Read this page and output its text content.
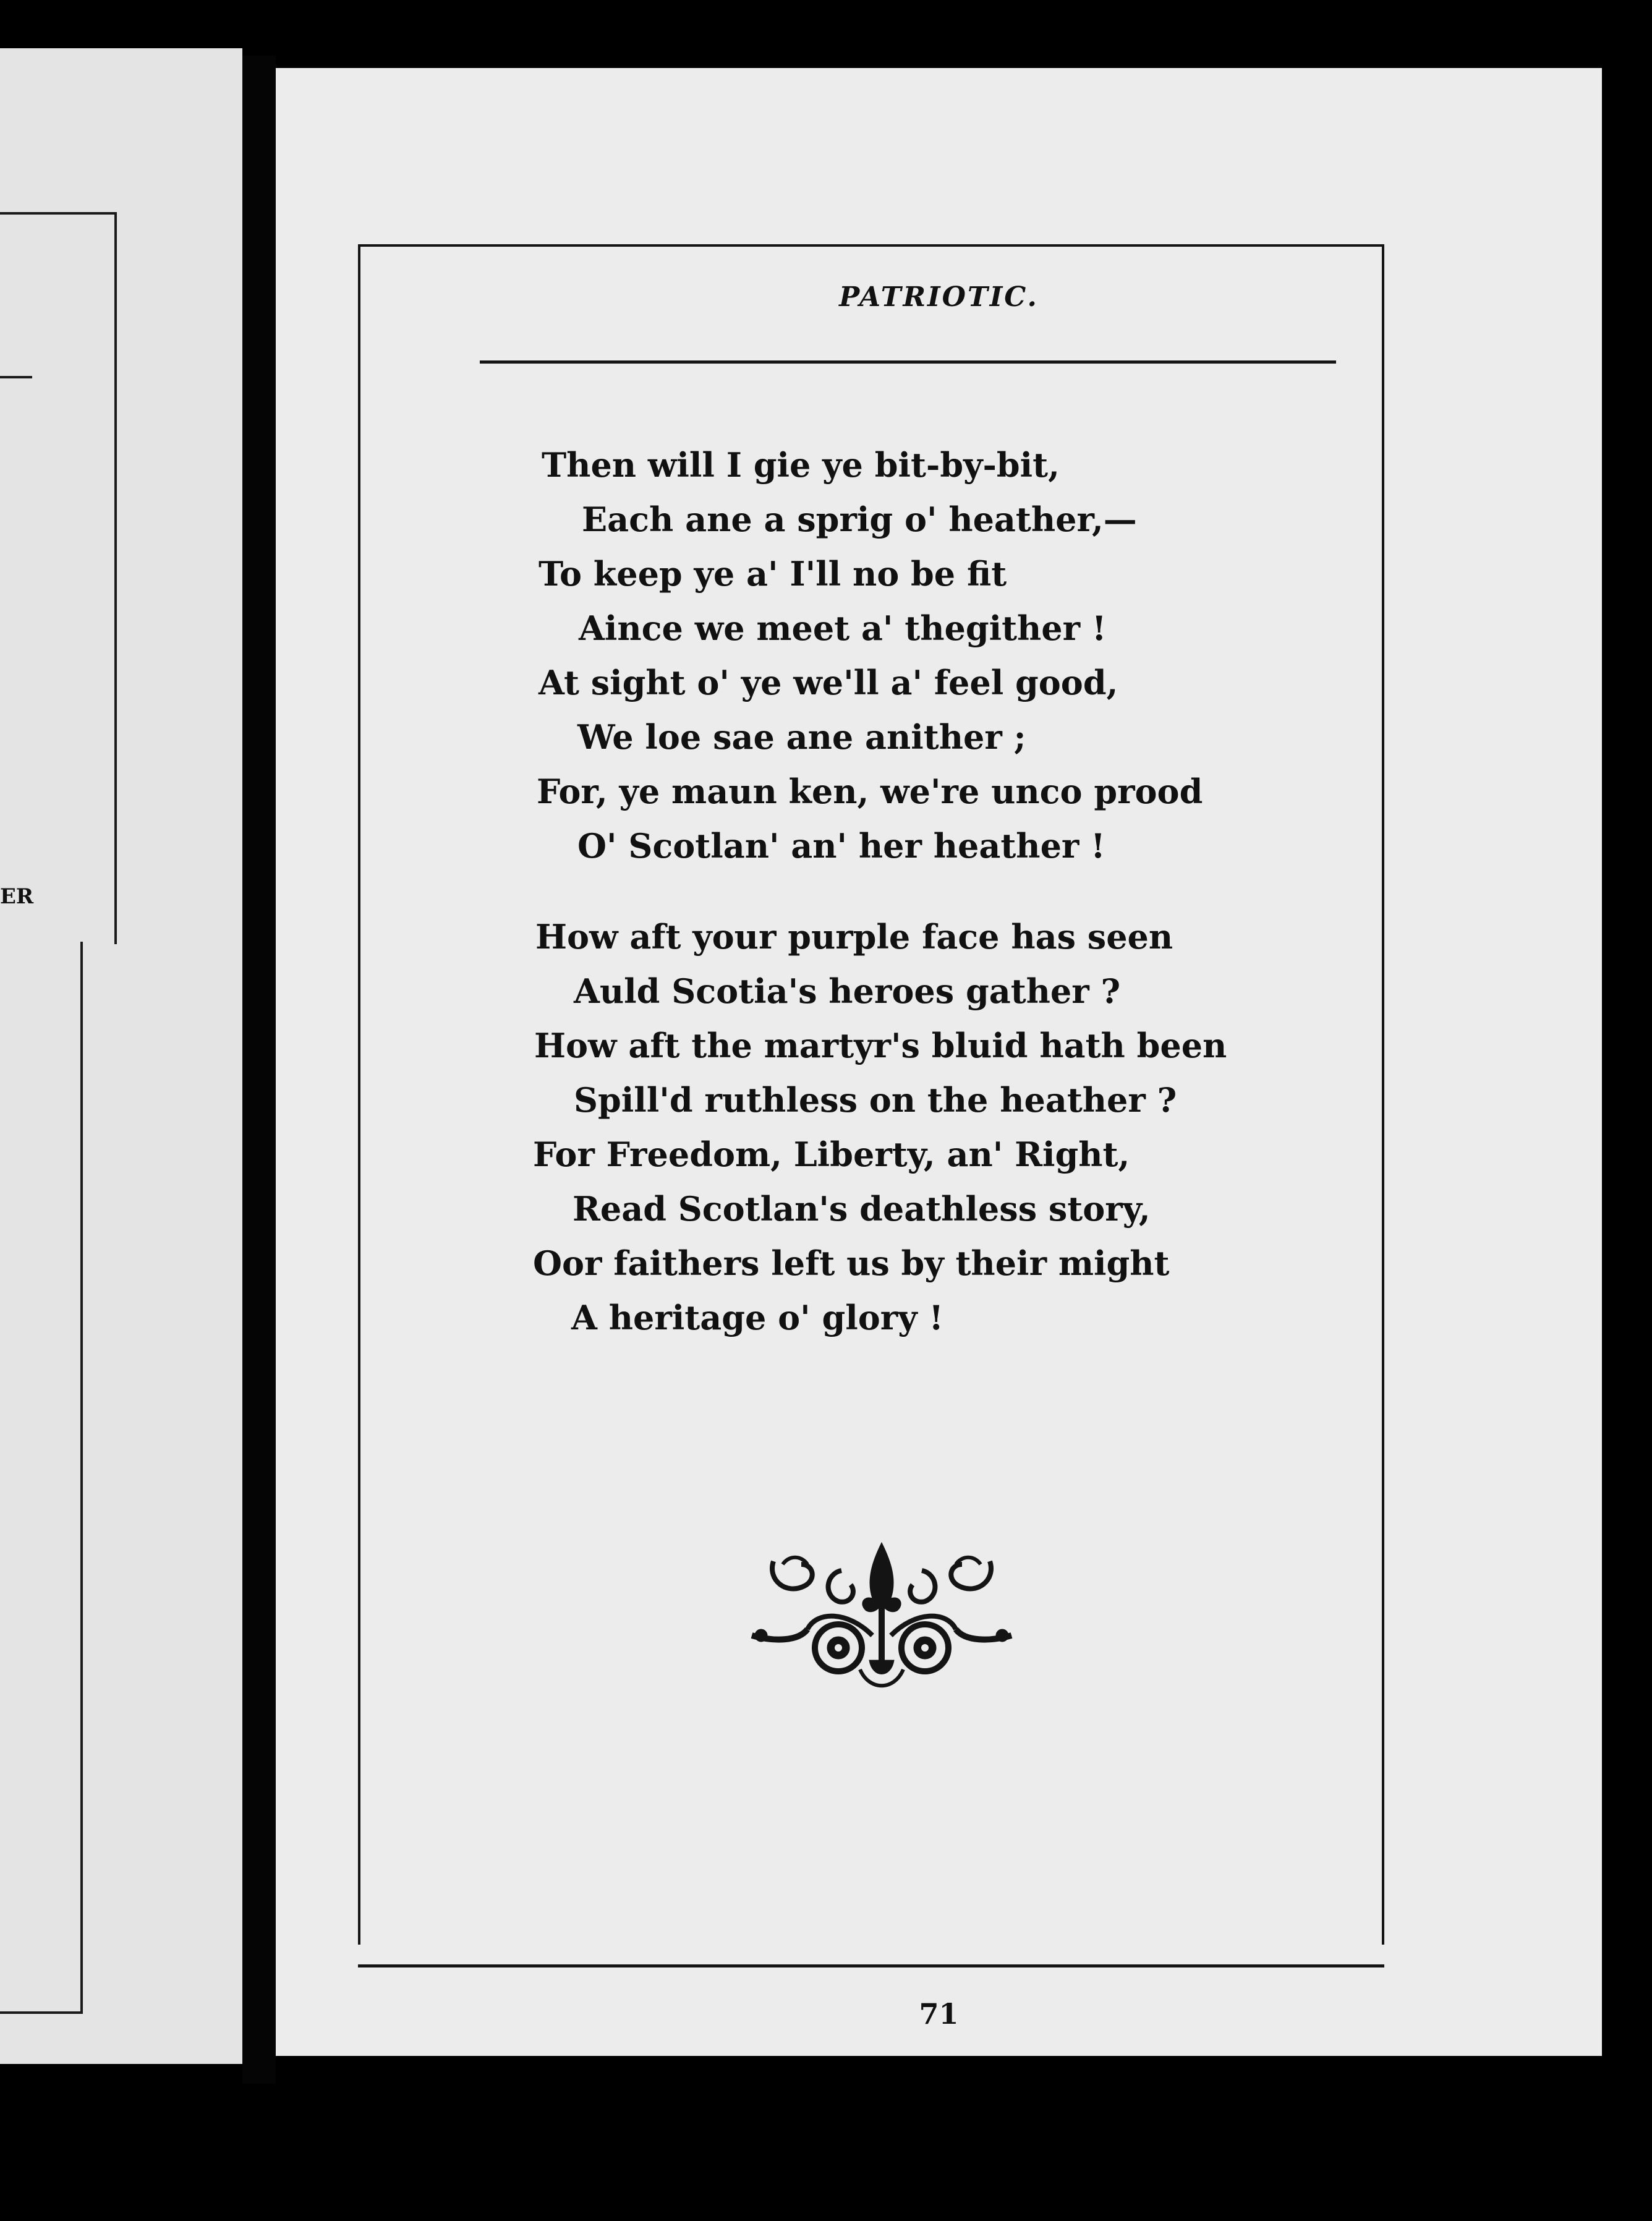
ER
PATRIOTIC.
Then will I gie ye bit-by-bit,
Each ane a sprig o' heather,—
To keep ye a' I'll no be fit
Aince we meet a' thegither !
At sight o' ye we'll a' feel good,
We loe sae ane anither ;
For, ye maun ken, we're unco prood
O' Scotlan' an' her heather !
How aft your purple face has seen
Auld Scotia's heroes gather ?
How aft the martyr's bluid hath been
Spill'd ruthless on the heather ?
For Freedom, Liberty, an' Right,
Read Scotlan's deathless story,
Oor faithers left us by their might
A heritage o' glory !
71
